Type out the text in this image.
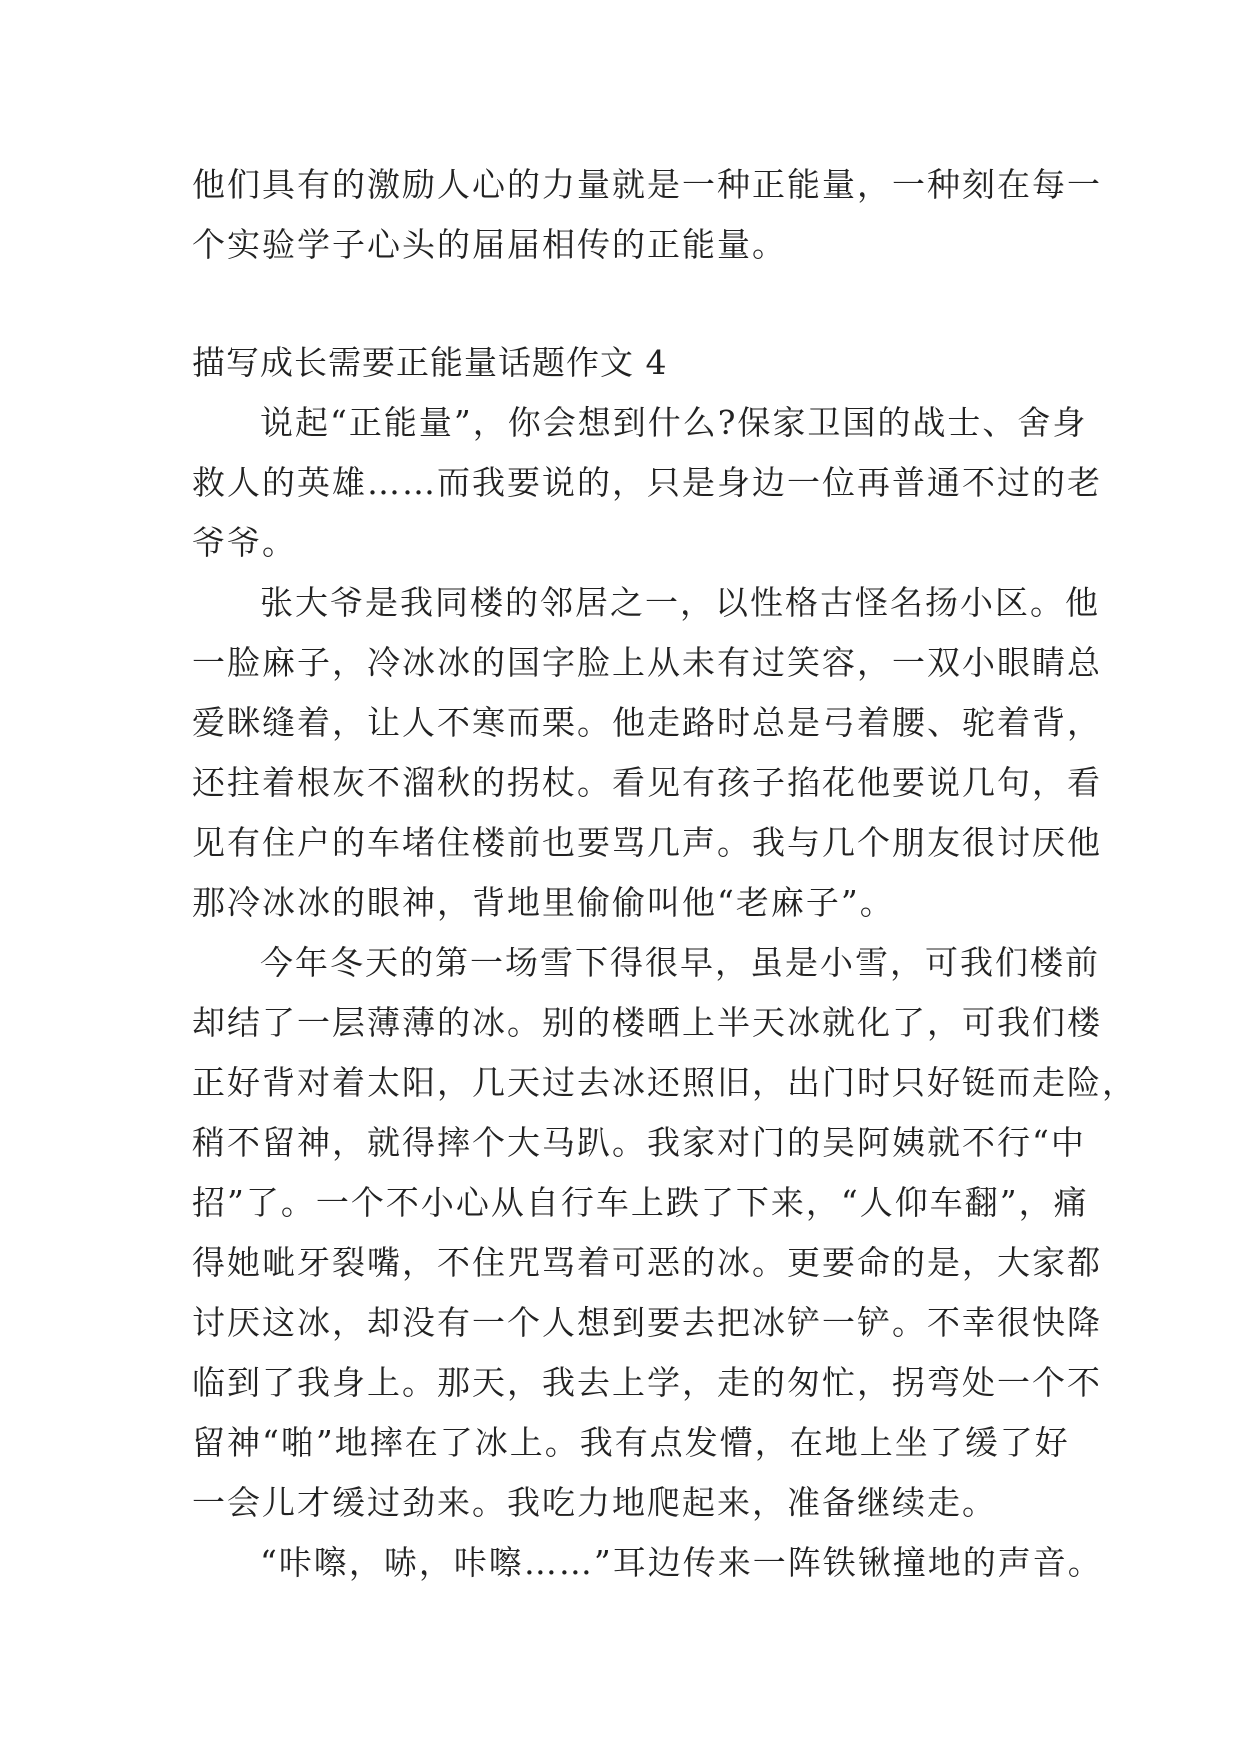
他们具有的激励人心的力量就是一种正能量，一种刻在每一
个实验学子心头的届届相传的正能量。
描写成长需要正能量话题作文 4
说起“正能量”，你会想到什么?保家卫国的战士、舍身
救人的英雄……而我要说的，只是身边一位再普通不过的老
爷爷。
张大爷是我同楼的邻居之一，以性格古怪名扬小区。他
一脸麻子，冷冰冰的国字脸上从未有过笑容，一双小眼睛总
爱眯缝着，让人不寒而栗。他走路时总是弓着腰、驼着背，
还拄着根灰不溜秋的拐杖。看见有孩子掐花他要说几句，看
见有住户的车堵住楼前也要骂几声。我与几个朋友很讨厌他
那冷冰冰的眼神，背地里偷偷叫他“老麻子”。
今年冬天的第一场雪下得很早，虽是小雪，可我们楼前
却结了一层薄薄的冰。别的楼晒上半天冰就化了，可我们楼
正好背对着太阳，几天过去冰还照旧，出门时只好铤而走险，
稍不留神，就得摔个大马趴。我家对门的吴阿姨就不行“中
招”了。一个不小心从自行车上跌了下来，“人仰车翻”，痛
得她呲牙裂嘴，不住咒骂着可恶的冰。更要命的是，大家都
讨厌这冰，却没有一个人想到要去把冰铲一铲。不幸很快降
临到了我身上。那天，我去上学，走的匆忙，拐弯处一个不
留神“啪”地摔在了冰上。我有点发懵，在地上坐了缓了好
一会儿才缓过劲来。我吃力地爬起来，准备继续走。
“咔嚓，哧，咔嚓……”耳边传来一阵铁锹撞地的声音。
